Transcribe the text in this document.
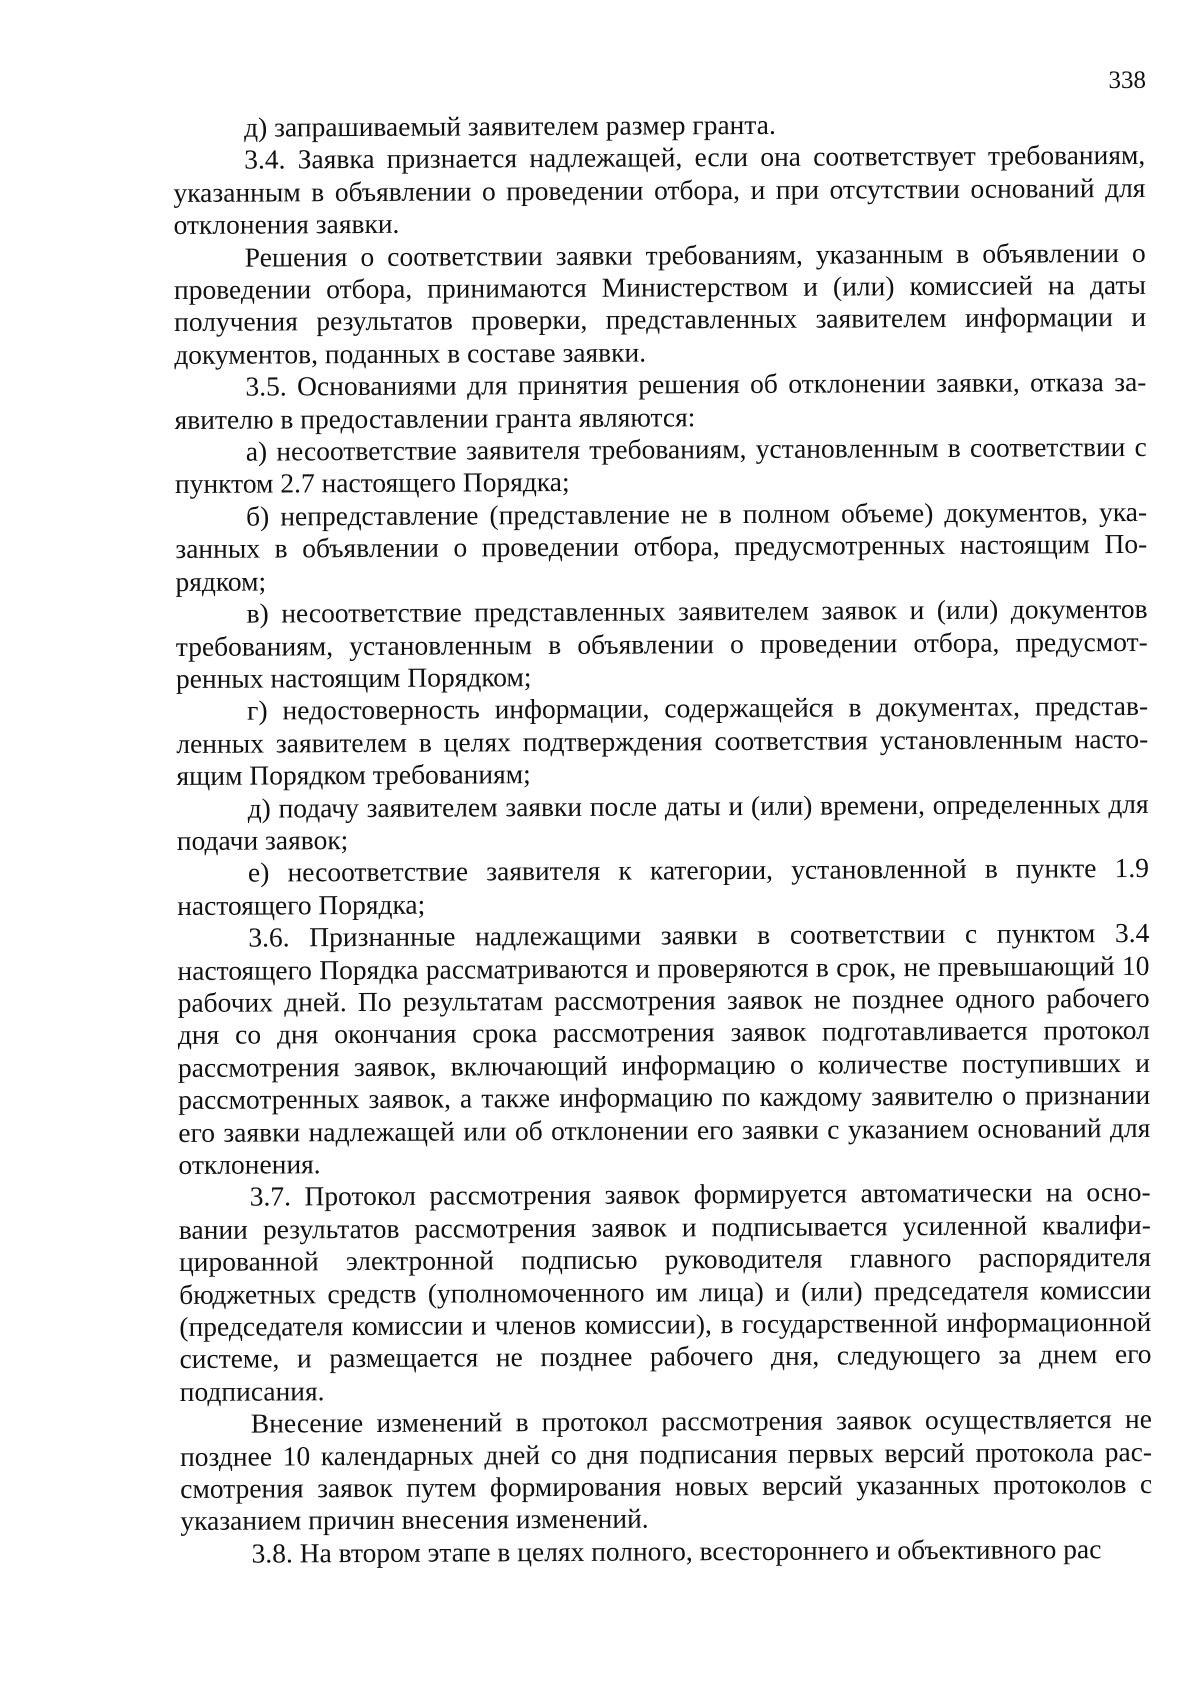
338

д) запрашиваемый заявителем размер гранта.

3.4. Заявка признается надлежащей, если она соответствует требованиям, указанным в объявлении о проведении отбора, и при отсутствии оснований для отклонения заявки.

Решения о соответствии заявки требованиям, указанным в объявлении о проведении отбора, принимаются Министерством и (или) комиссией на даты получения результатов проверки, представленных заявителем информации и документов, поданных в составе заявки.

3.5. Основаниями для принятия решения об отклонении заявки, отказа заявителю в предоставлении гранта являются:

а) несоответствие заявителя требованиям, установленным в соответствии с пунктом 2.7 настоящего Порядка;

б) непредставление (представление не в полном объеме) документов, указанных в объявлении о проведении отбора, предусмотренных настоящим Порядком;

в) несоответствие представленных заявителем заявок и (или) документов требованиям, установленным в объявлении о проведении отбора, предусмотренных настоящим Порядком;

г) недостоверность информации, содержащейся в документах, представленных заявителем в целях подтверждения соответствия установленным настоящим Порядком требованиям;

д) подачу заявителем заявки после даты и (или) времени, определенных для подачи заявок;

е) несоответствие заявителя к категории, установленной в пункте 1.9 настоящего Порядка;

3.6. Признанные надлежащими заявки в соответствии с пунктом 3.4 настоящего Порядка рассматриваются и проверяются в срок, не превышающий 10 рабочих дней. По результатам рассмотрения заявок не позднее одного рабочего дня со дня окончания срока рассмотрения заявок подготавливается протокол рассмотрения заявок, включающий информацию о количестве поступивших и рассмотренных заявок, а также информацию по каждому заявителю о признании его заявки надлежащей или об отклонении его заявки с указанием оснований для отклонения.

3.7. Протокол рассмотрения заявок формируется автоматически на основании результатов рассмотрения заявок и подписывается усиленной квалифицированной электронной подписью руководителя главного распорядителя бюджетных средств (уполномоченного им лица) и (или) председателя комиссии (председателя комиссии и членов комиссии), в государственной информационной системе, и размещается не позднее рабочего дня, следующего за днем его подписания.

Внесение изменений в протокол рассмотрения заявок осуществляется не позднее 10 календарных дней со дня подписания первых версий протокола рассмотрения заявок путем формирования новых версий указанных протоколов с указанием причин внесения изменений.

3.8. На втором этапе в целях полного, всестороннего и объективного рас
